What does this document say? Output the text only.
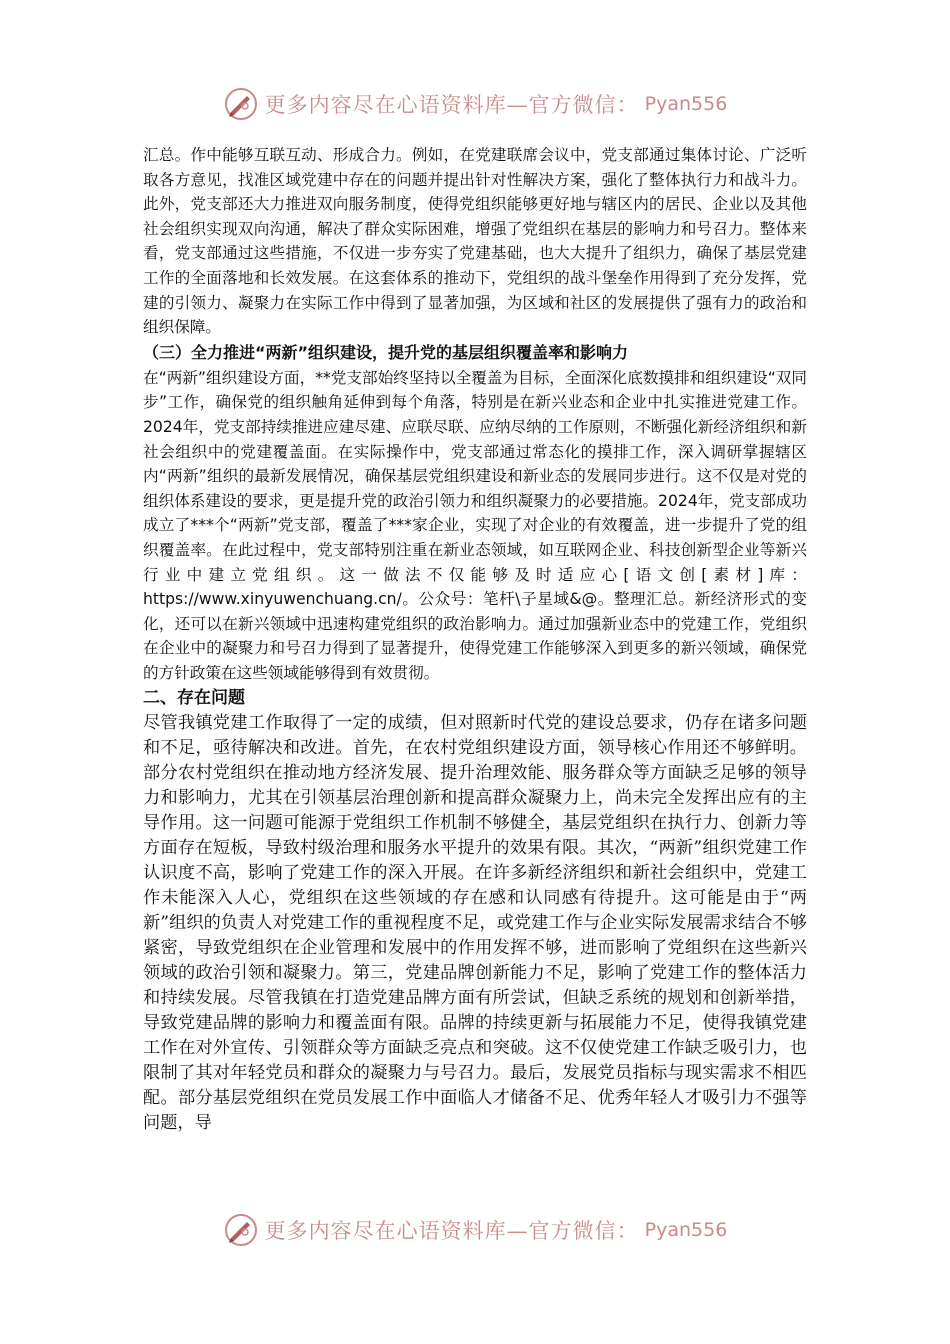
更多内容尽在心语资料库—官方微信： Pyan556

汇总。作中能够互联互动、形成合力。例如，在党建联席会议中，党支部通过集体讨论、广泛听取各方意见，找准区域党建中存在的问题并提出针对性解决方案，强化了整体执行力和战斗力。此外，党支部还大力推进双向服务制度，使得党组织能够更好地与辖区内的居民、企业以及其他社会组织实现双向沟通，解决了群众实际困难，增强了党组织在基层的影响力和号召力。整体来看，党支部通过这些措施，不仅进一步夯实了党建基础，也大大提升了组织力，确保了基层党建工作的全面落地和长效发展。在这套体系的推动下，党组织的战斗堡垒作用得到了充分发挥，党建的引领力、凝聚力在实际工作中得到了显著加强，为区域和社区的发展提供了强有力的政治和组织保障。

（三）全力推进“两新”组织建设，提升党的基层组织覆盖率和影响力

在“两新”组织建设方面，**党支部始终坚持以全覆盖为目标，全面深化底数摸排和组织建设“双同步”工作，确保党的组织触角延伸到每个角落，特别是在新兴业态和企业中扎实推进党建工作。2024年，党支部持续推进应建尽建、应联尽联、应纳尽纳的工作原则，不断强化新经济组织和新社会组织中的党建覆盖面。在实际操作中，党支部通过常态化的摸排工作，深入调研掌握辖区内“两新”组织的最新发展情况，确保基层党组织建设和新业态的发展同步进行。这不仅是对党的组织体系建设的要求，更是提升党的政治引领力和组织凝聚力的必要措施。2024年，党支部成功成立了***个“两新”党支部，覆盖了***家企业，实现了对企业的有效覆盖，进一步提升了党的组织覆盖率。在此过程中，党支部特别注重在新业态领域，如互联网企业、科技创新型企业等新兴行业中建立党组织。这一做法不仅能够及时适应心[语文创[素材]库：https://www.xinyuwenchuang.cn/。公众号：笔杆\子星域&@。整理汇总。新经济形式的变化，还可以在新兴领域中迅速构建党组织的政治影响力。通过加强新业态中的党建工作，党组织在企业中的凝聚力和号召力得到了显著提升，使得党建工作能够深入到更多的新兴领域，确保党的方针政策在这些领域能够得到有效贯彻。

二、存在问题

尽管我镇党建工作取得了一定的成绩，但对照新时代党的建设总要求，仍存在诸多问题和不足，亟待解决和改进。首先，在农村党组织建设方面，领导核心作用还不够鲜明。部分农村党组织在推动地方经济发展、提升治理效能、服务群众等方面缺乏足够的领导力和影响力，尤其在引领基层治理创新和提高群众凝聚力上，尚未完全发挥出应有的主导作用。这一问题可能源于党组织工作机制不够健全，基层党组织在执行力、创新力等方面存在短板，导致村级治理和服务水平提升的效果有限。其次，“两新”组织党建工作认识度不高，影响了党建工作的深入开展。在许多新经济组织和新社会组织中，党建工作未能深入人心，党组织在这些领域的存在感和认同感有待提升。这可能是由于“两新”组织的负责人对党建工作的重视程度不足，或党建工作与企业实际发展需求结合不够紧密，导致党组织在企业管理和发展中的作用发挥不够，进而影响了党组织在这些新兴领域的政治引领和凝聚力。第三，党建品牌创新能力不足，影响了党建工作的整体活力和持续发展。尽管我镇在打造党建品牌方面有所尝试，但缺乏系统的规划和创新举措，导致党建品牌的影响力和覆盖面有限。品牌的持续更新与拓展能力不足，使得我镇党建工作在对外宣传、引领群众等方面缺乏亮点和突破。这不仅使党建工作缺乏吸引力，也限制了其对年轻党员和群众的凝聚力与号召力。最后，发展党员指标与现实需求不相匹配。部分基层党组织在党员发展工作中面临人才储备不足、优秀年轻人才吸引力不强等问题，导

更多内容尽在心语资料库—官方微信： Pyan556
